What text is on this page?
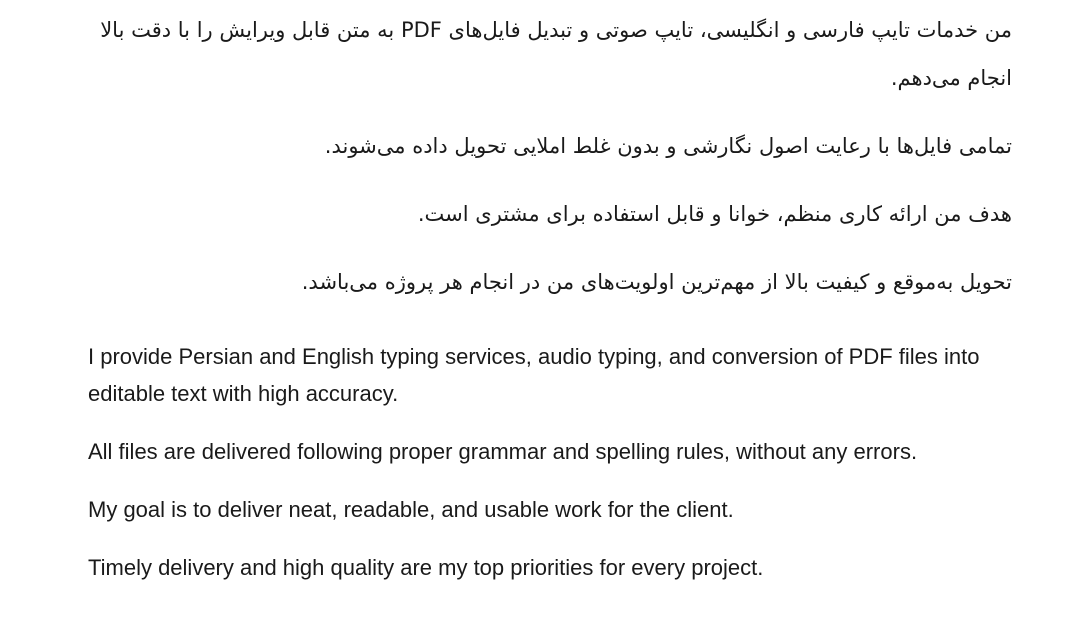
من خدمات تایپ فارسی و انگلیسی، تایپ صوتی و تبدیل فایل‌های PDF به متن قابل ویرایش را با دقت بالا انجام می‌دهم.

تمامی فایل‌ها با رعایت اصول نگارشی و بدون غلط املایی تحویل داده می‌شوند.

هدف من ارائه کاری منظم، خوانا و قابل استفاده برای مشتری است.

تحویل به‌موقع و کیفیت بالا از مهم‌ترین اولویت‌های من در انجام هر پروژه می‌باشد.

I provide Persian and English typing services, audio typing, and conversion of PDF files into editable text with high accuracy.

All files are delivered following proper grammar and spelling rules, without any errors.

My goal is to deliver neat, readable, and usable work for the client.

Timely delivery and high quality are my top priorities for every project.
